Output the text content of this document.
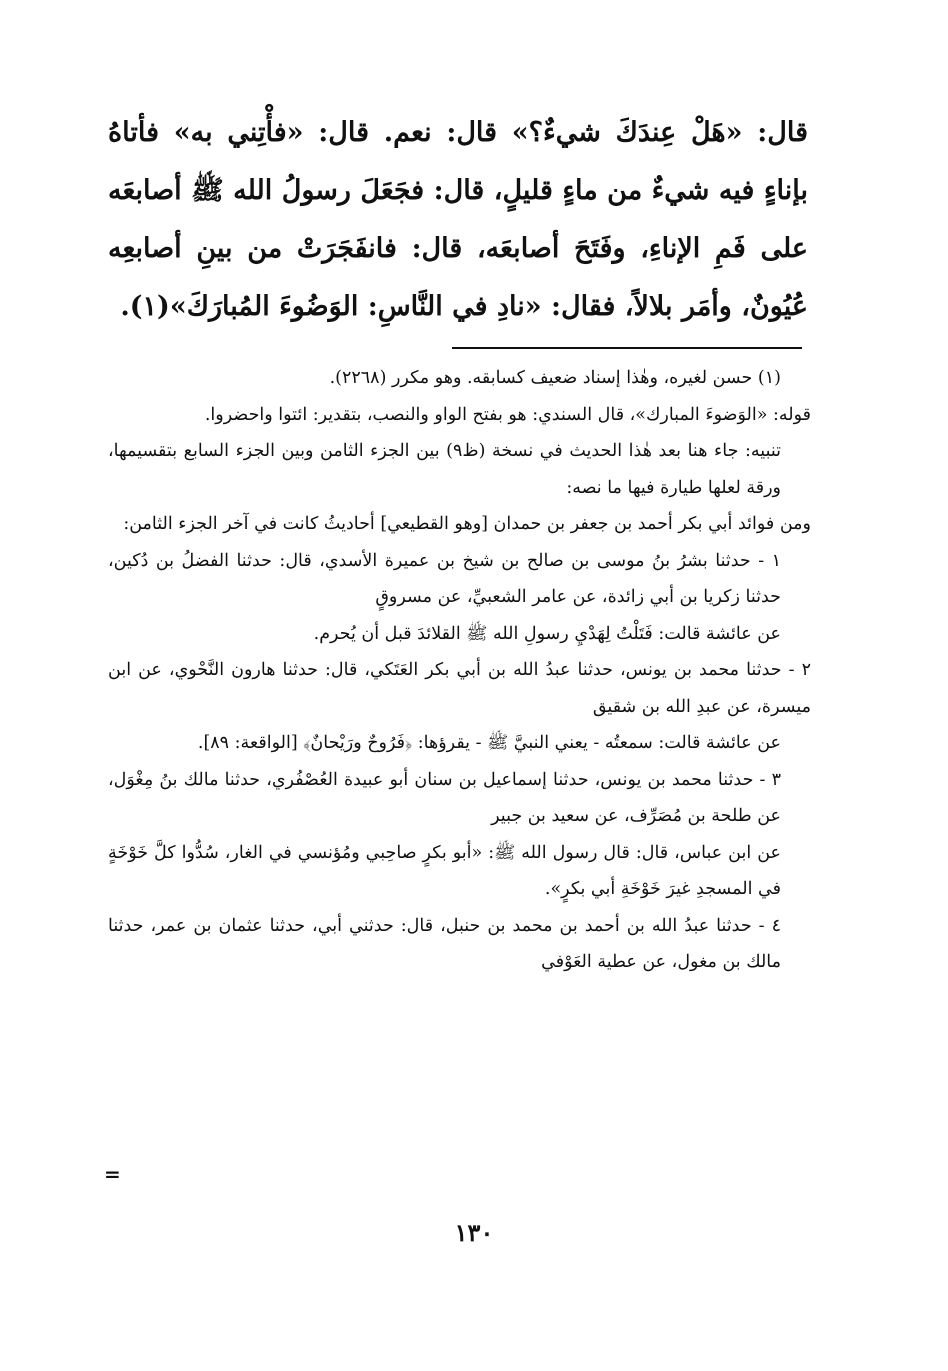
قال: «هَلْ عِندَكَ شيءٌ؟» قال: نعم. قال: «فأْتِني به» فأتاهُ بإناءٍ فيه شيءٌ من ماءٍ قليلٍ، قال: فجَعَلَ رسولُ الله ﷺ أصابعَه على فَمِ الإناءِ، وفَتَحَ أصابعَه، قال: فانفَجَرَتْ من بينِ أصابعِه عُيُونٌ، وأمَر بلالاً، فقال: «نادِ في النَّاسِ: الوَضُوءَ المُبارَكَ»(١).

(١) حسن لغيره، وهٰذا إسناد ضعيف كسابقه. وهو مكرر (٢٢٦٨).

قوله: «الوَضوءَ المبارك»، قال السندي: هو بفتح الواو والنصب، بتقدير: ائتوا واحضروا.

تنبيه: جاء هنا بعد هٰذا الحديث في نسخة (ظ٩) بين الجزء الثامن وبين الجزء السابع بتقسيمها، ورقة لعلها طيارة فيها ما نصه:

ومن فوائد أبي بكر أحمد بن جعفر بن حمدان [وهو القطيعي] أحاديثُ كانت في آخر الجزء الثامن:

١ - حدثنا بشرُ بنُ موسى بن صالح بن شيخ بن عميرة الأسدي، قال: حدثنا الفضلُ بن دُكين، حدثنا زكريا بن أبي زائدة، عن عامر الشعبيِّ، عن مسروقٍ

عن عائشة قالت: فَتَلْتُ لِهَدْيِ رسولِ الله ﷺ القلائدَ قبل أن يُحرم.

٢ - حدثنا محمد بن يونس، حدثنا عبدُ الله بن أبي بكر العَتَكي، قال: حدثنا هارون النَّحْوي، عن ابن ميسرة، عن عبدِ الله بن شقيق

عن عائشة قالت: سمعتُه - يعني النبيَّ ﷺ - يقرؤها: ﴿فَرُوحٌ ورَيْحانٌ﴾ [الواقعة: ٨٩].

٣ - حدثنا محمد بن يونس، حدثنا إسماعيل بن سنان أبو عبيدة العُصْفُري، حدثنا مالك بنُ مِغْوَل، عن طلحة بن مُصَرِّف، عن سعيد بن جبير

عن ابن عباس، قال: قال رسول الله ﷺ: «أبو بكرٍ صاحِبي ومُؤنسي في الغار، سُدُّوا كلَّ خَوْخَةٍ في المسجدِ غيرَ خَوْخَةِ أبي بكرٍ».

٤ - حدثنا عبدُ الله بن أحمد بن محمد بن حنبل، قال: حدثني أبي، حدثنا عثمان بن عمر، حدثنا مالك بن مغول، عن عطية العَوْفي

=
١٣٠
